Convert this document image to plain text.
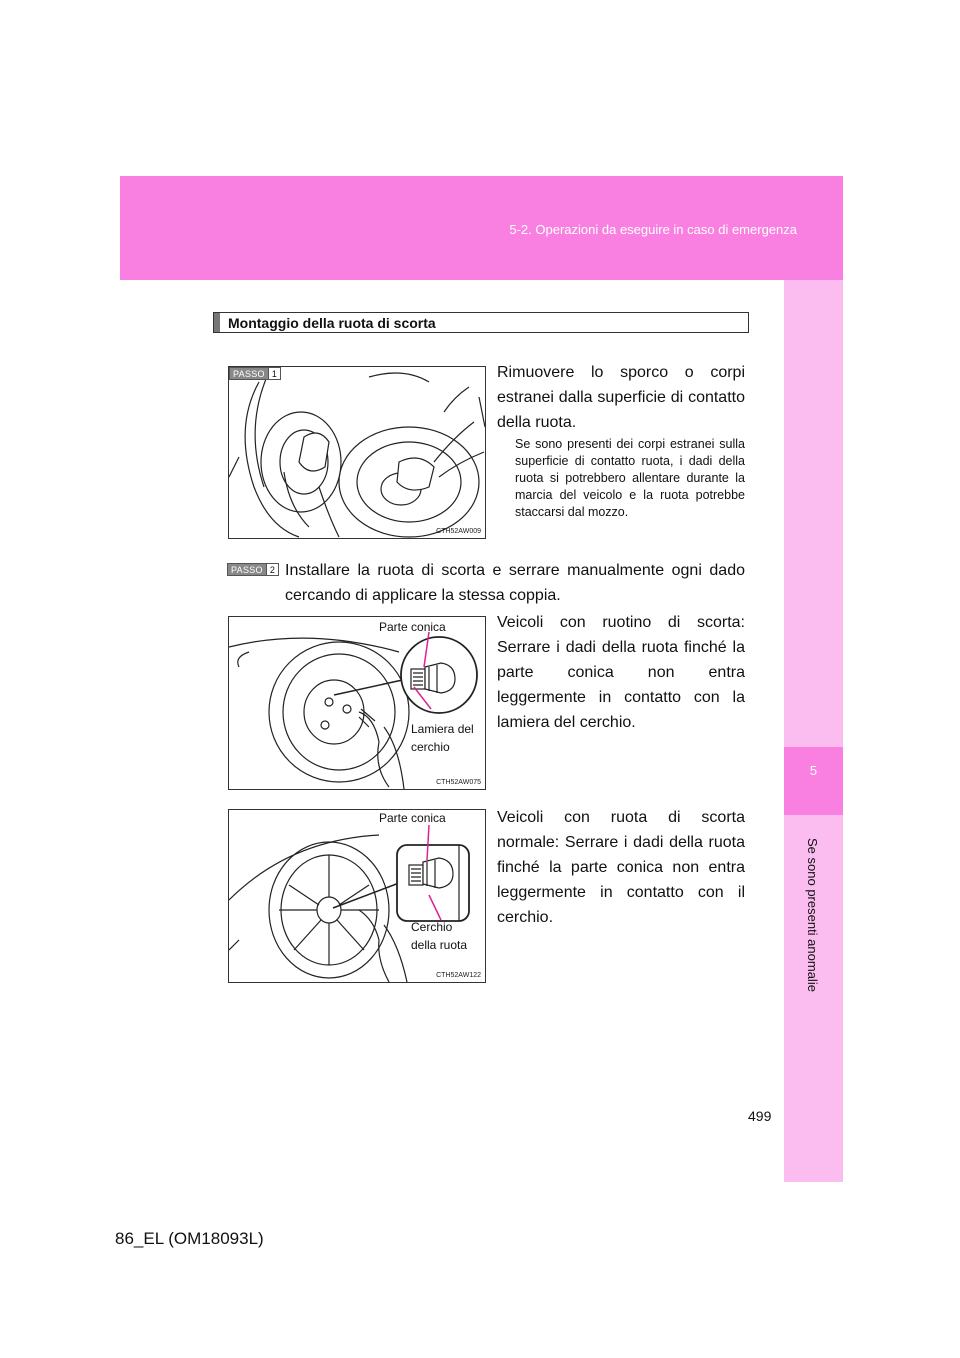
5-2. Operazioni da eseguire in caso di emergenza
5
Se sono presenti anomalie
Montaggio della ruota di scorta
PASSO 1
CTH52AW009
Rimuovere lo sporco o corpi estranei dalla superficie di contatto della ruota.
Se sono presenti dei corpi estranei sulla superficie di contatto ruota, i dadi della ruota si potrebbero allentare durante la marcia del veicolo e la ruota potrebbe staccarsi dal mozzo.
PASSO 2 Installare la ruota di scorta e serrare manualmente ogni dado cercando di applicare la stessa coppia.
Parte conica
Lamiera del
cerchio
CTH52AW075
Veicoli con ruotino di scorta: Serrare i dadi della ruota finché la parte conica non entra leggermente in contatto con la lamiera del cerchio.
Parte conica
Cerchio
della ruota
CTH52AW122
Veicoli con ruota di scorta normale: Serrare i dadi della ruota finché la parte conica non entra leggermente in contatto con il cerchio.
499
86_EL (OM18093L)
